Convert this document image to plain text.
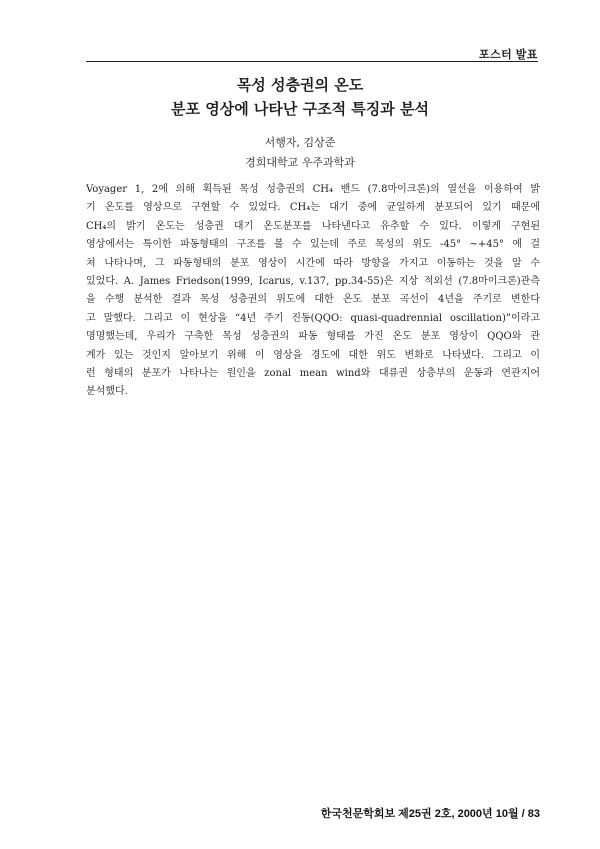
포스터 발표
목성 성층권의 온도
분포 영상에 나타난 구조적 특징과 분석
서행자, 김상준
경희대학교 우주과학과
Voyager 1, 2에 의해 획득된 목성 성층권의 CH₄ 밴드 (7.8마이크론)의 열선을 이용하여 밝
기 온도를 영상으로 구현할 수 있었다. CH₄는 대기 중에 균일하게 분포되어 있기 때문에
CH₄의 밝기 온도는 성층권 대기 온도분포를 나타낸다고 유추할 수 있다. 이렇게 구현된
영상에서는 특이한 파동형태의 구조를 볼 수 있는데 주로 목성의 위도 -45° ~+45° 에 걸
쳐 나타나며, 그 파동형태의 분포 영상이 시간에 따라 방향을 가지고 이동하는 것을 알 수
있었다. A. James Friedson(1999, Icarus, v.137, pp.34-55)은 지상 적외선 (7.8마이크론)관측
을 수행 분석한 결과 목성 성층권의 위도에 대한 온도 분포 곡선이 4년을 주기로 변한다
고 말했다. 그리고 이 현상을 “4년 주기 진동(QQO: quasi-quadrennial oscillation)”이라고
명명했는데, 우리가 구축한 목성 성층권의 파동 형태를 가진 온도 분포 영상이 QQO와 관
계가 있는 것인지 알아보기 위해 이 영상을 경도에 대한 위도 변화로 나타냈다. 그리고 이
런 형태의 분포가 나타나는 원인을 zonal mean wind와 대류권 상층부의 운동과 연관지어
분석했다.
한국천문학회보 제25권 2호, 2000년 10월 / 83
